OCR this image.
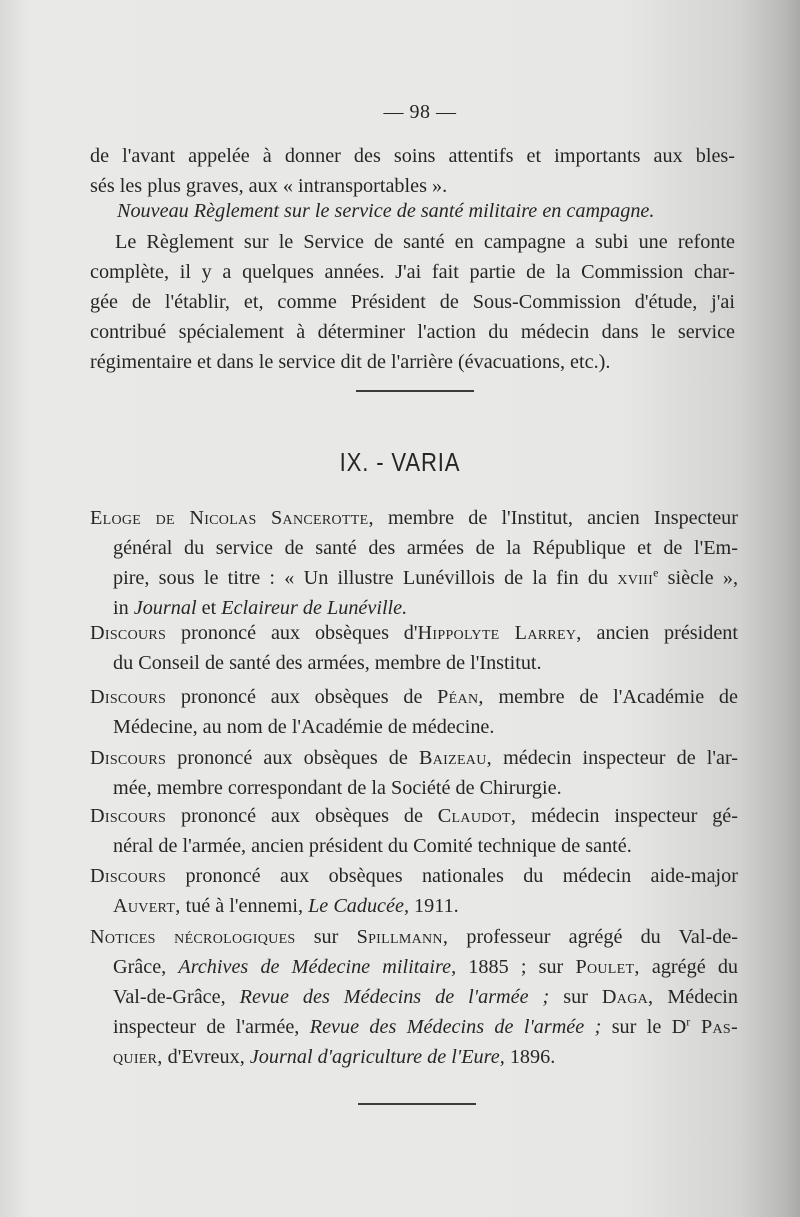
— 98 —
de l'avant appelée à donner des soins attentifs et importants aux bles-
sés les plus graves, aux « intransportables ».
Nouveau Règlement sur le service de santé militaire en campagne.
Le Règlement sur le Service de santé en campagne a subi une refonte
complète, il y a quelques années. J'ai fait partie de la Commission char-
gée de l'établir, et, comme Président de Sous-Commission d'étude, j'ai
contribué spécialement à déterminer l'action du médecin dans le service
régimentaire et dans le service dit de l'arrière (évacuations, etc.).
IX. - VARIA
Eloge de Nicolas Sancerotte, membre de l'Institut, ancien Inspecteur
général du service de santé des armées de la République et de l'Em-
pire, sous le titre : « Un illustre Lunévillois de la fin du xviii$^e$ siècle »,
in Journal et Eclaireur de Lunéville.
Discours prononcé aux obsèques d'Hippolyte Larrey, ancien président
du Conseil de santé des armées, membre de l'Institut.
Discours prononcé aux obsèques de Péan, membre de l'Académie de
Médecine, au nom de l'Académie de médecine.
Discours prononcé aux obsèques de Baizeau, médecin inspecteur de l'ar-
mée, membre correspondant de la Société de Chirurgie.
Discours prononcé aux obsèques de Claudot, médecin inspecteur gé-
néral de l'armée, ancien président du Comité technique de santé.
Discours prononcé aux obsèques nationales du médecin aide-major
Auvert, tué à l'ennemi, Le Caducée, 1911.
Notices nécrologiques sur Spillmann, professeur agrégé du Val-de-
Grâce, Archives de Médecine militaire, 1885 ; sur Poulet, agrégé du
Val-de-Grâce, Revue des Médecins de l'armée ; sur Daga, Médecin
inspecteur de l'armée, Revue des Médecins de l'armée ; sur le $D^r$ Pas-
quier, d'Evreux, Journal d'agriculture de l'Eure, 1896.
